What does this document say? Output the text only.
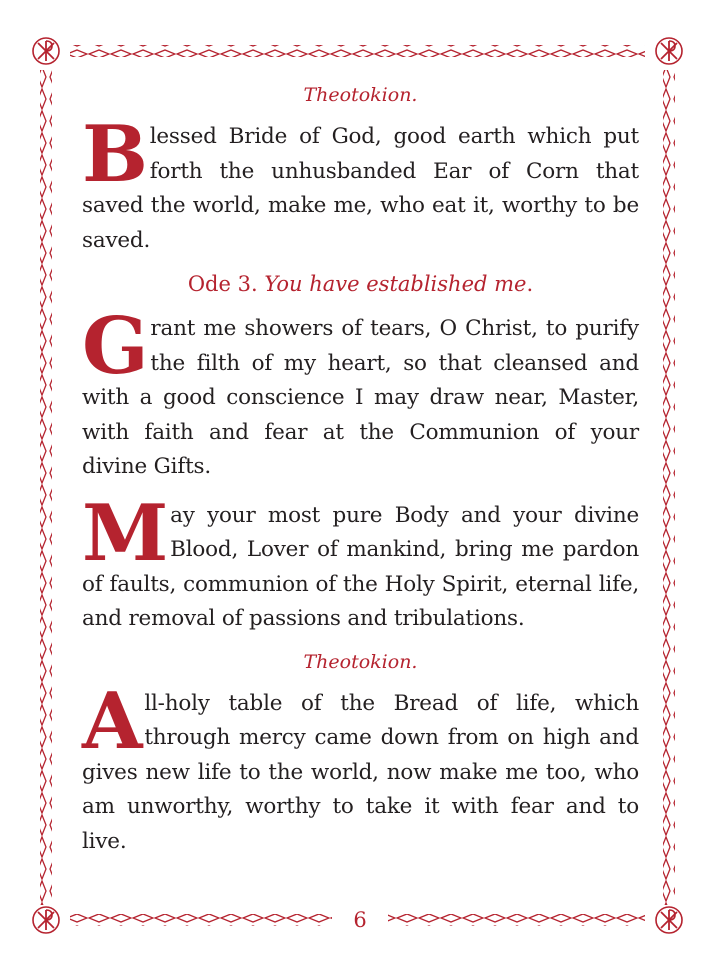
Theotokion.

Blessed Bride of God, good earth which put forth the unhusbanded Ear of Corn that saved the world, make me, who eat it, worthy to be saved.

Ode 3. You have established me.

Grant me showers of tears, O Christ, to purify the filth of my heart, so that cleansed and with a good conscience I may draw near, Master, with faith and fear at the Communion of your divine Gifts.

May your most pure Body and your divine Blood, Lover of mankind, bring me pardon of faults, communion of the Holy Spirit, eternal life, and removal of passions and tribulations.

Theotokion.

All-holy table of the Bread of life, which through mercy came down from on high and gives new life to the world, now make me too, who am unworthy, worthy to take it with fear and to live.

6
